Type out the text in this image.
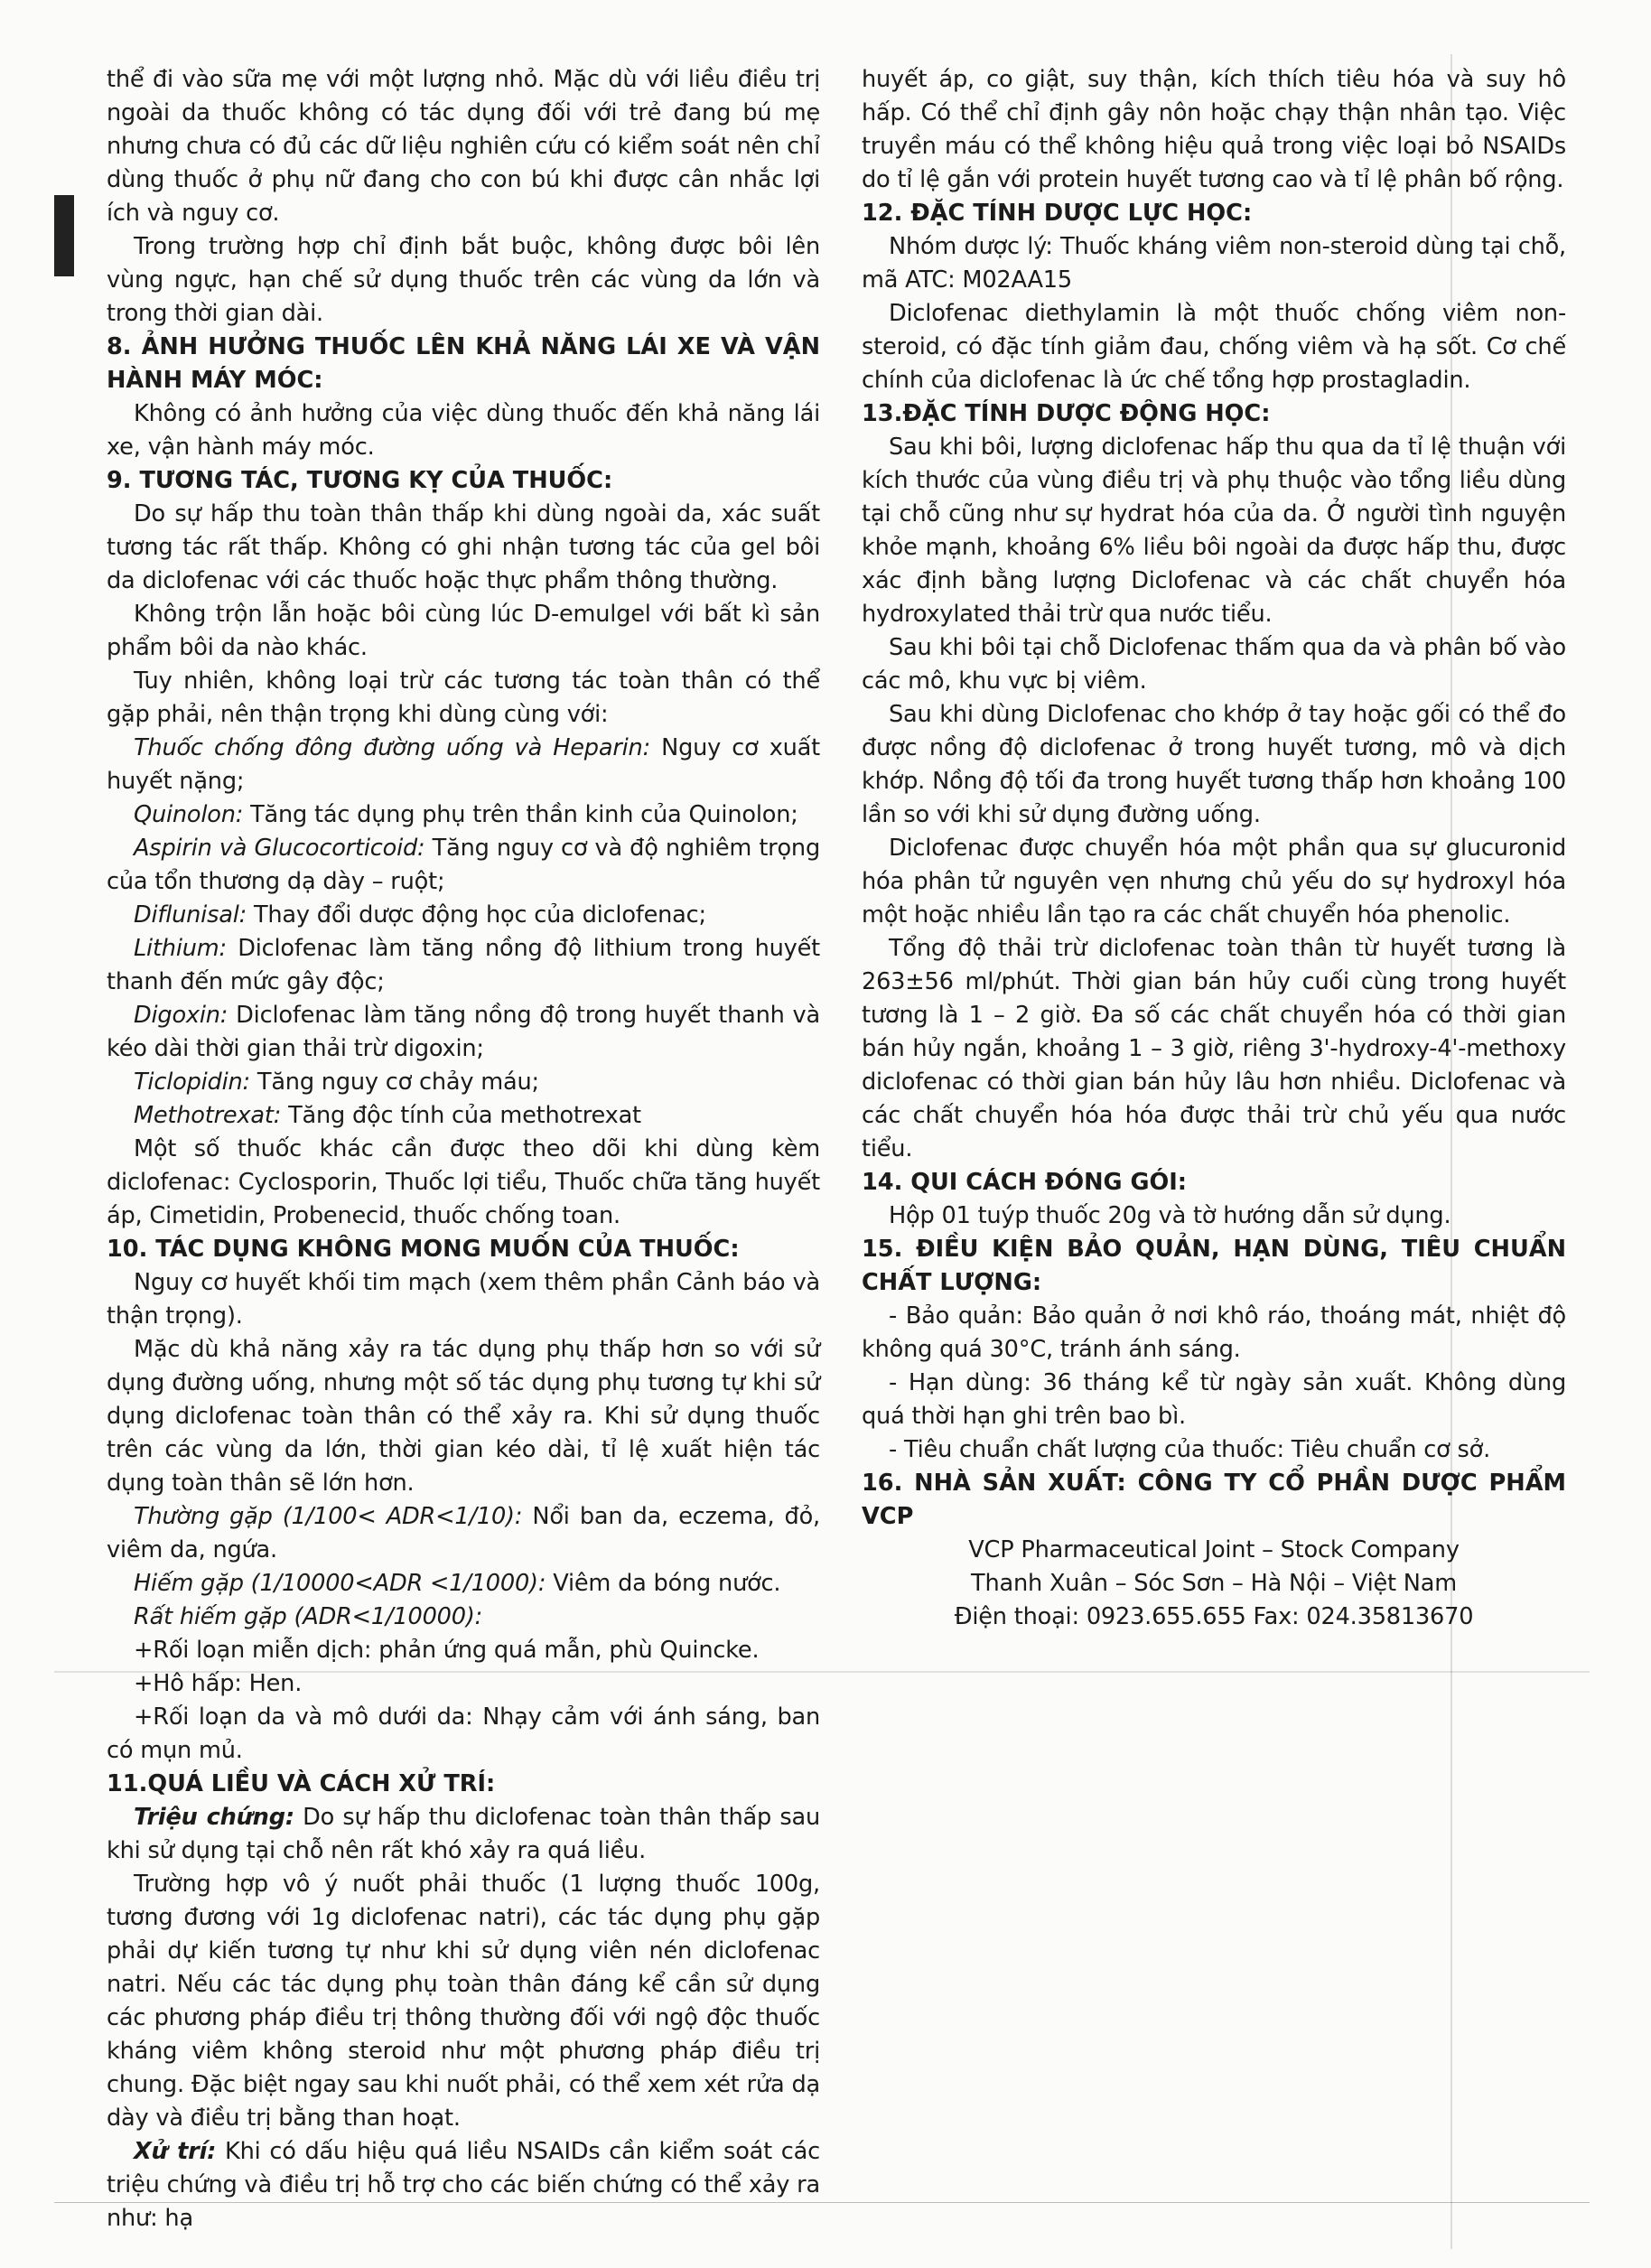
thể đi vào sữa mẹ với một lượng nhỏ. Mặc dù với liều điều trị ngoài da thuốc không có tác dụng đối với trẻ đang bú mẹ nhưng chưa có đủ các dữ liệu nghiên cứu có kiểm soát nên chỉ dùng thuốc ở phụ nữ đang cho con bú khi được cân nhắc lợi ích và nguy cơ.

Trong trường hợp chỉ định bắt buộc, không được bôi lên vùng ngực, hạn chế sử dụng thuốc trên các vùng da lớn và trong thời gian dài.

8. ẢNH HƯỞNG THUỐC LÊN KHẢ NĂNG LÁI XE VÀ VẬN HÀNH MÁY MÓC:

Không có ảnh hưởng của việc dùng thuốc đến khả năng lái xe, vận hành máy móc.

9. TƯƠNG TÁC, TƯƠNG KỴ CỦA THUỐC:

Do sự hấp thu toàn thân thấp khi dùng ngoài da, xác suất tương tác rất thấp. Không có ghi nhận tương tác của gel bôi da diclofenac với các thuốc hoặc thực phẩm thông thường.

Không trộn lẫn hoặc bôi cùng lúc D-emulgel với bất kì sản phẩm bôi da nào khác.

Tuy nhiên, không loại trừ các tương tác toàn thân có thể gặp phải, nên thận trọng khi dùng cùng với:

Thuốc chống đông đường uống và Heparin: Nguy cơ xuất huyết nặng;

Quinolon: Tăng tác dụng phụ trên thần kinh của Quinolon;

Aspirin và Glucocorticoid: Tăng nguy cơ và độ nghiêm trọng của tổn thương dạ dày – ruột;

Diflunisal: Thay đổi dược động học của diclofenac;

Lithium: Diclofenac làm tăng nồng độ lithium trong huyết thanh đến mức gây độc;

Digoxin: Diclofenac làm tăng nồng độ trong huyết thanh và kéo dài thời gian thải trừ digoxin;

Ticlopidin: Tăng nguy cơ chảy máu;

Methotrexat: Tăng độc tính của methotrexat

Một số thuốc khác cần được theo dõi khi dùng kèm diclofenac: Cyclosporin, Thuốc lợi tiểu, Thuốc chữa tăng huyết áp, Cimetidin, Probenecid, thuốc chống toan.

10. TÁC DỤNG KHÔNG MONG MUỐN CỦA THUỐC:

Nguy cơ huyết khối tim mạch (xem thêm phần Cảnh báo và thận trọng).

Mặc dù khả năng xảy ra tác dụng phụ thấp hơn so với sử dụng đường uống, nhưng một số tác dụng phụ tương tự khi sử dụng diclofenac toàn thân có thể xảy ra. Khi sử dụng thuốc trên các vùng da lớn, thời gian kéo dài, tỉ lệ xuất hiện tác dụng toàn thân sẽ lớn hơn.

Thường gặp (1/100< ADR<1/10): Nổi ban da, eczema, đỏ, viêm da, ngứa.

Hiếm gặp (1/10000<ADR <1/1000): Viêm da bóng nước.

Rất hiếm gặp (ADR<1/10000):

+Rối loạn miễn dịch: phản ứng quá mẫn, phù Quincke.

+Hô hấp: Hen.

+Rối loạn da và mô dưới da: Nhạy cảm với ánh sáng, ban có mụn mủ.

11.QUÁ LIỀU VÀ CÁCH XỬ TRÍ:

Triệu chứng: Do sự hấp thu diclofenac toàn thân thấp sau khi sử dụng tại chỗ nên rất khó xảy ra quá liều.

Trường hợp vô ý nuốt phải thuốc (1 lượng thuốc 100g, tương đương với 1g diclofenac natri), các tác dụng phụ gặp phải dự kiến tương tự như khi sử dụng viên nén diclofenac natri. Nếu các tác dụng phụ toàn thân đáng kể cần sử dụng các phương pháp điều trị thông thường đối với ngộ độc thuốc kháng viêm không steroid như một phương pháp điều trị chung. Đặc biệt ngay sau khi nuốt phải, có thể xem xét rửa dạ dày và điều trị bằng than hoạt.

Xử trí: Khi có dấu hiệu quá liều NSAIDs cần kiểm soát các triệu chứng và điều trị hỗ trợ cho các biến chứng có thể xảy ra như: hạ

huyết áp, co giật, suy thận, kích thích tiêu hóa và suy hô hấp. Có thể chỉ định gây nôn hoặc chạy thận nhân tạo. Việc truyền máu có thể không hiệu quả trong việc loại bỏ NSAIDs do tỉ lệ gắn với protein huyết tương cao và tỉ lệ phân bố rộng.

12. ĐẶC TÍNH DƯỢC LỰC HỌC:

Nhóm dược lý: Thuốc kháng viêm non-steroid dùng tại chỗ, mã ATC: M02AA15

Diclofenac diethylamin là một thuốc chống viêm non-steroid, có đặc tính giảm đau, chống viêm và hạ sốt. Cơ chế chính của diclofenac là ức chế tổng hợp prostagladin.

13.ĐẶC TÍNH DƯỢC ĐỘNG HỌC:

Sau khi bôi, lượng diclofenac hấp thu qua da tỉ lệ thuận với kích thước của vùng điều trị và phụ thuộc vào tổng liều dùng tại chỗ cũng như sự hydrat hóa của da. Ở người tình nguyện khỏe mạnh, khoảng 6% liều bôi ngoài da được hấp thu, được xác định bằng lượng Diclofenac và các chất chuyển hóa hydroxylated thải trừ qua nước tiểu.

Sau khi bôi tại chỗ Diclofenac thấm qua da và phân bố vào các mô, khu vực bị viêm.

Sau khi dùng Diclofenac cho khớp ở tay hoặc gối có thể đo được nồng độ diclofenac ở trong huyết tương, mô và dịch khớp. Nồng độ tối đa trong huyết tương thấp hơn khoảng 100 lần so với khi sử dụng đường uống.

Diclofenac được chuyển hóa một phần qua sự glucuronid hóa phân tử nguyên vẹn nhưng chủ yếu do sự hydroxyl hóa một hoặc nhiều lần tạo ra các chất chuyển hóa phenolic.

Tổng độ thải trừ diclofenac toàn thân từ huyết tương là 263±56 ml/phút. Thời gian bán hủy cuối cùng trong huyết tương là 1 – 2 giờ. Đa số các chất chuyển hóa có thời gian bán hủy ngắn, khoảng 1 – 3 giờ, riêng 3'-hydroxy-4'-methoxy diclofenac có thời gian bán hủy lâu hơn nhiều. Diclofenac và các chất chuyển hóa hóa được thải trừ chủ yếu qua nước tiểu.

14. QUI CÁCH ĐÓNG GÓI:

Hộp 01 tuýp thuốc 20g và tờ hướng dẫn sử dụng.

15. ĐIỀU KIỆN BẢO QUẢN, HẠN DÙNG, TIÊU CHUẨN CHẤT LƯỢNG:

- Bảo quản: Bảo quản ở nơi khô ráo, thoáng mát, nhiệt độ không quá 30°C, tránh ánh sáng.

- Hạn dùng: 36 tháng kể từ ngày sản xuất. Không dùng quá thời hạn ghi trên bao bì.

- Tiêu chuẩn chất lượng của thuốc: Tiêu chuẩn cơ sở.

16. NHÀ SẢN XUẤT: CÔNG TY CỔ PHẦN DƯỢC PHẨM VCP

VCP Pharmaceutical Joint – Stock Company

Thanh Xuân – Sóc Sơn – Hà Nội – Việt Nam

Điện thoại: 0923.655.655 Fax: 024.35813670
